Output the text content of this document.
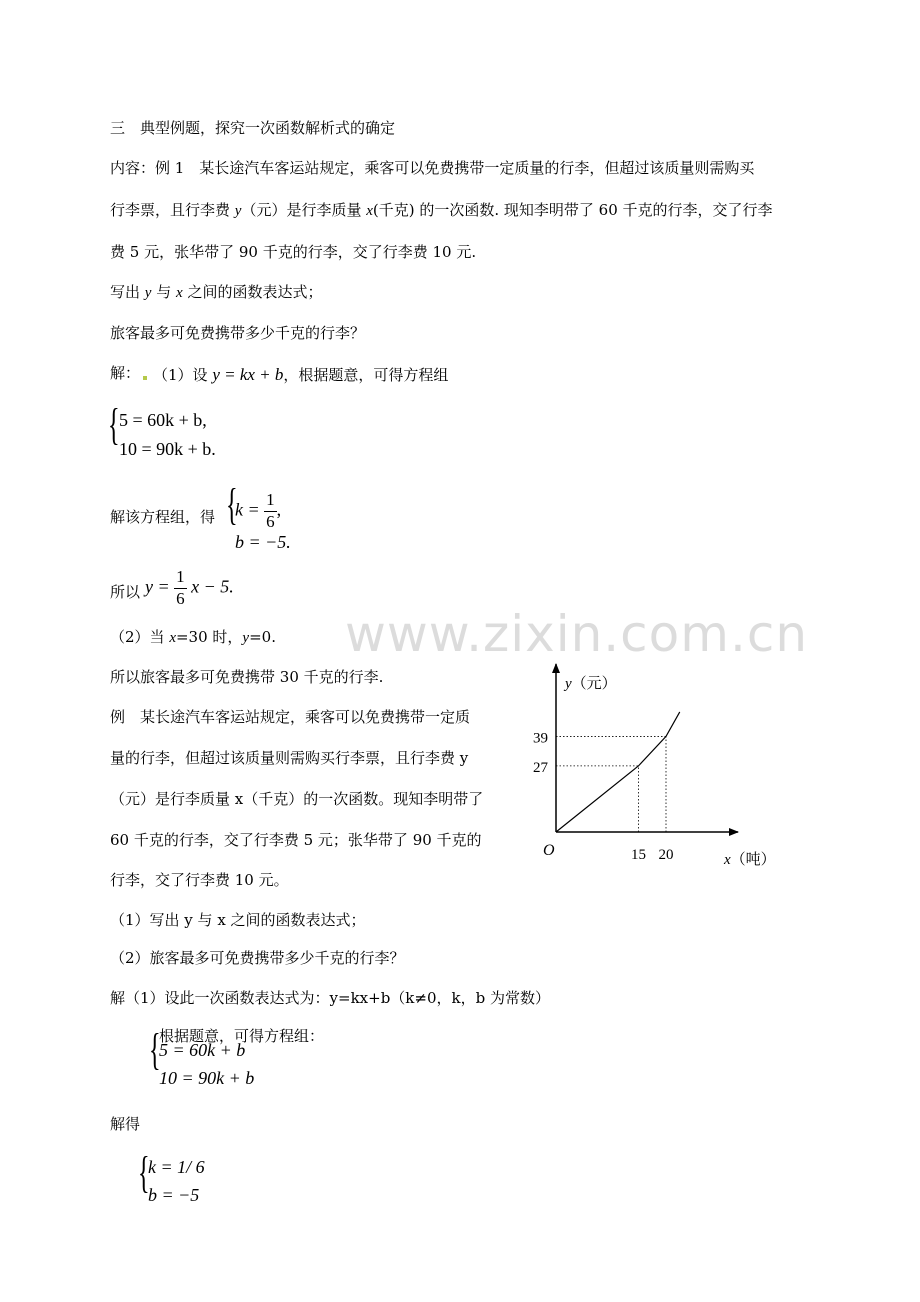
三　典型例题，探究一次函数解析式的确定
内容：例 1　某长途汽车客运站规定，乘客可以免费携带一定质量的行李，但超过该质量则需购买
行李票，且行李费 y（元）是行李质量 x(千克) 的一次函数. 现知李明带了 60 千克的行李，交了行李
费 5 元，张华带了 90 千克的行李，交了行李费 10 元.
写出 y 与 x 之间的函数表达式；
旅客最多可免费携带多少千克的行李？
解： （1）设 y = kx + b，根据题意，可得方程组
{ 5 = 60k + b,
10 = 90k + b.
解该方程组，得 {
$k = \frac{1}{6}$ ,
b = −5.
所以 $y = \frac{1}{6}$ x − 5.
（2）当 x=30 时，y=0.
所以旅客最多可免费携带 30 千克的行李.
www.zixin.com.cn
例　某长途汽车客运站规定，乘客可以免费携带一定质
量的行李，但超过该质量则需购买行李票，且行李费 y
（元）是行李质量 x（千克）的一次函数。现知李明带了
60 千克的行李，交了行李费 5 元；张华带了 90 千克的
行李，交了行李费 10 元。
（1）写出 y 与 x 之间的函数表达式；
（2）旅客最多可免费携带多少千克的行李？
解（1）设此一次函数表达式为：y=kx+b（k≠0，k，b 为常数）
根据题意，可得方程组：
{
5 = 60k + b
10 = 90k + b
解得
{
k = 1/ 6
b = −5
15 20
27
39
y（元）
O
x（吨）
